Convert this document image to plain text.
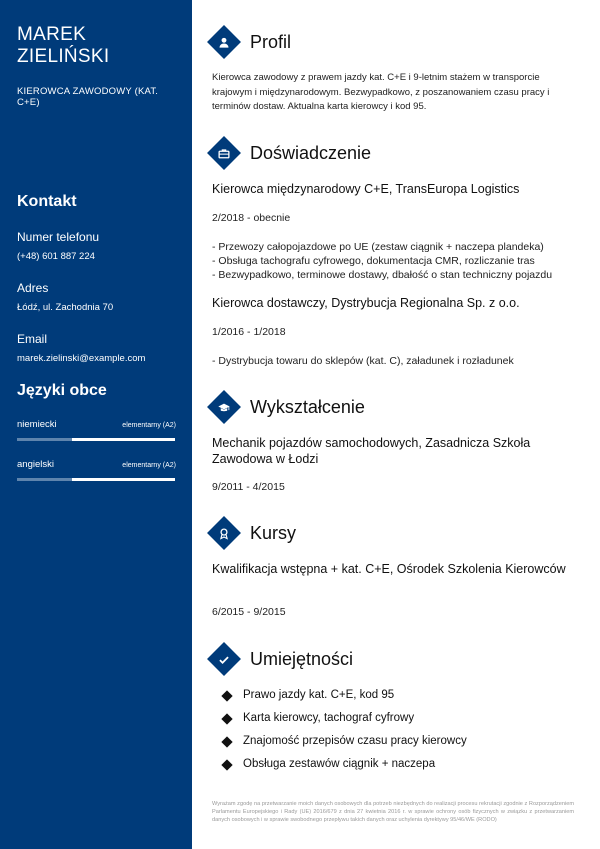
MAREK ZIELIŃSKI
KIEROWCA ZAWODOWY (KAT. C+E)
Kontakt
Numer telefonu
(+48) 601 887 224
Adres
Łódź, ul. Zachodnia 70
Email
marek.zielinski@example.com
Języki obce
niemiecki	elementarny (A2)
angielski	elementarny (A2)
Profil

Kierowca zawodowy z prawem jazdy kat. C+E i 9-letnim stażem w transporcie krajowym i międzynarodowym. Bezwypadkowo, z poszanowaniem czasu pracy i terminów dostaw. Aktualna karta kierowcy i kod 95.

Doświadczenie
Kierowca międzynarodowy C+E, TransEuropa Logistics
2/2018 - obecnie
- Przewozy całopojazdowe po UE (zestaw ciągnik + naczepa plandeka)
- Obsługa tachografu cyfrowego, dokumentacja CMR, rozliczanie tras
- Bezwypadkowo, terminowe dostawy, dbałość o stan techniczny pojazdu
Kierowca dostawczy, Dystrybucja Regionalna Sp. z o.o.
1/2016 - 1/2018
- Dystrybucja towaru do sklepów (kat. C), załadunek i rozładunek
Wykształcenie
Mechanik pojazdów samochodowych, Zasadnicza Szkoła Zawodowa w Łodzi
9/2011 - 4/2015
Kursy
Kwalifikacja wstępna + kat. C+E, Ośrodek Szkolenia Kierowców
6/2015 - 9/2015
Umiejętności
Prawo jazdy kat. C+E, kod 95
Karta kierowcy, tachograf cyfrowy
Znajomość przepisów czasu pracy kierowcy
Obsługa zestawów ciągnik + naczepa

Wyrażam zgodę na przetwarzanie moich danych osobowych dla potrzeb niezbędnych do realizacji procesu rekrutacji zgodnie z Rozporządzeniem Parlamentu Europejskiego i Rady (UE) 2016/679 z dnia 27 kwietnia 2016 r. w sprawie ochrony osób fizycznych w związku z przetwarzaniem danych osobowych i w sprawie swobodnego przepływu takich danych oraz uchylenia dyrektywy 95/46/WE (RODO)
